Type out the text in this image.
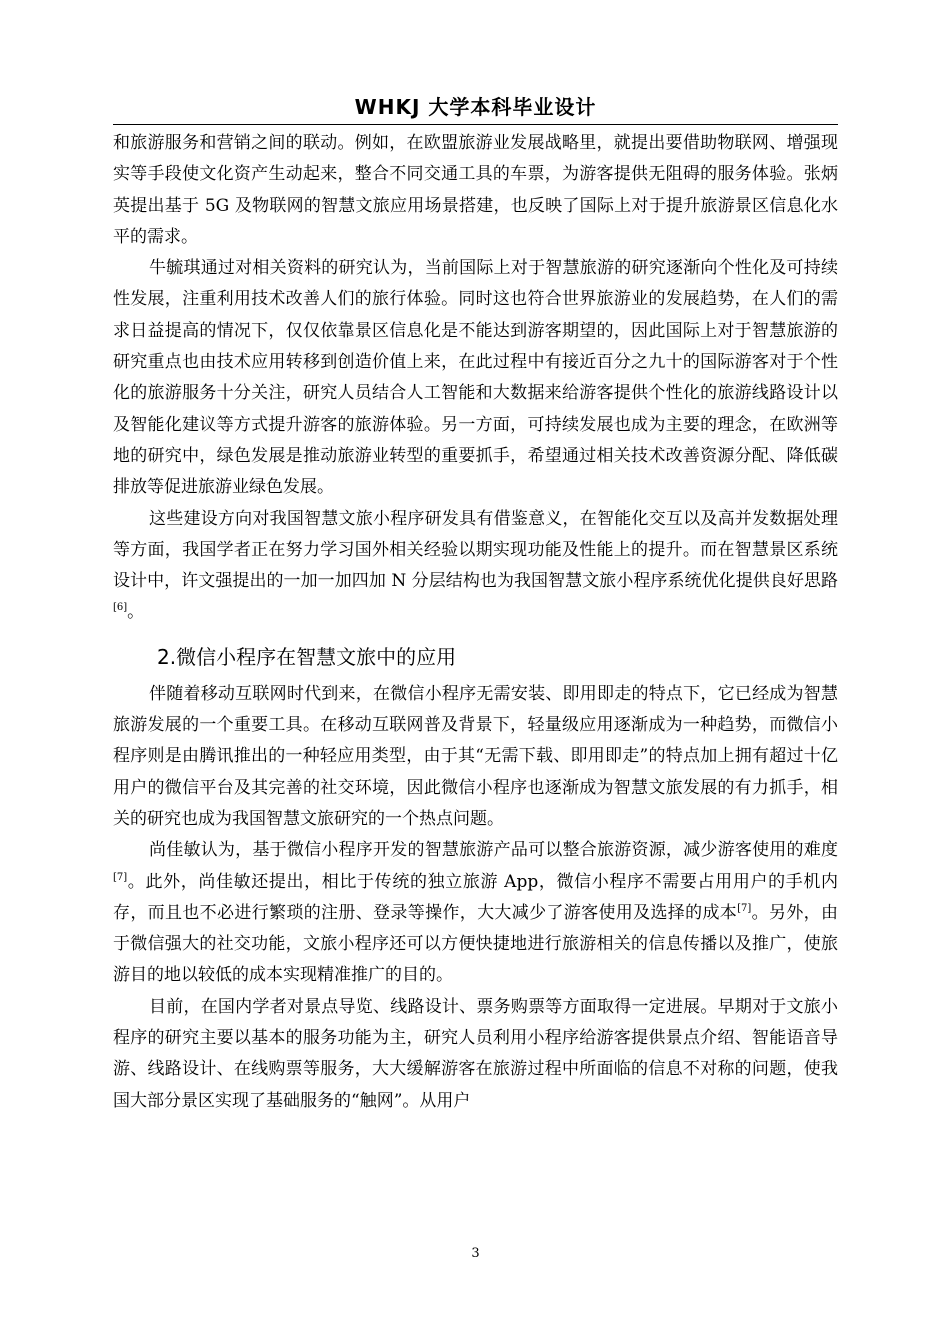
WHKJ 大学本科毕业设计

和旅游服务和营销之间的联动。例如，在欧盟旅游业发展战略里，就提出要借助物联网、增强现实等手段使文化资产生动起来，整合不同交通工具的车票，为游客提供无阻碍的服务体验。张炳英提出基于 5G 及物联网的智慧文旅应用场景搭建，也反映了国际上对于提升旅游景区信息化水平的需求。

牛毓琪通过对相关资料的研究认为，当前国际上对于智慧旅游的研究逐渐向个性化及可持续性发展，注重利用技术改善人们的旅行体验。同时这也符合世界旅游业的发展趋势，在人们的需求日益提高的情况下，仅仅依靠景区信息化是不能达到游客期望的，因此国际上对于智慧旅游的研究重点也由技术应用转移到创造价值上来，在此过程中有接近百分之九十的国际游客对于个性化的旅游服务十分关注，研究人员结合人工智能和大数据来给游客提供个性化的旅游线路设计以及智能化建议等方式提升游客的旅游体验。另一方面，可持续发展也成为主要的理念，在欧洲等地的研究中，绿色发展是推动旅游业转型的重要抓手，希望通过相关技术改善资源分配、降低碳排放等促进旅游业绿色发展。

这些建设方向对我国智慧文旅小程序研发具有借鉴意义，在智能化交互以及高并发数据处理等方面，我国学者正在努力学习国外相关经验以期实现功能及性能上的提升。而在智慧景区系统设计中，许文强提出的一加一加四加 N 分层结构也为我国智慧文旅小程序系统优化提供良好思路[6]。

2.微信小程序在智慧文旅中的应用

伴随着移动互联网时代到来，在微信小程序无需安装、即用即走的特点下，它已经成为智慧旅游发展的一个重要工具。在移动互联网普及背景下，轻量级应用逐渐成为一种趋势，而微信小程序则是由腾讯推出的一种轻应用类型，由于其“无需下载、即用即走”的特点加上拥有超过十亿用户的微信平台及其完善的社交环境，因此微信小程序也逐渐成为智慧文旅发展的有力抓手，相关的研究也成为我国智慧文旅研究的一个热点问题。

尚佳敏认为，基于微信小程序开发的智慧旅游产品可以整合旅游资源，减少游客使用的难度[7]。此外，尚佳敏还提出，相比于传统的独立旅游 App，微信小程序不需要占用用户的手机内存，而且也不必进行繁琐的注册、登录等操作，大大减少了游客使用及选择的成本[7]。另外，由于微信强大的社交功能，文旅小程序还可以方便快捷地进行旅游相关的信息传播以及推广，使旅游目的地以较低的成本实现精准推广的目的。

目前，在国内学者对景点导览、线路设计、票务购票等方面取得一定进展。早期对于文旅小程序的研究主要以基本的服务功能为主，研究人员利用小程序给游客提供景点介绍、智能语音导游、线路设计、在线购票等服务，大大缓解游客在旅游过程中所面临的信息不对称的问题，使我国大部分景区实现了基础服务的“触网”。从用户

3
